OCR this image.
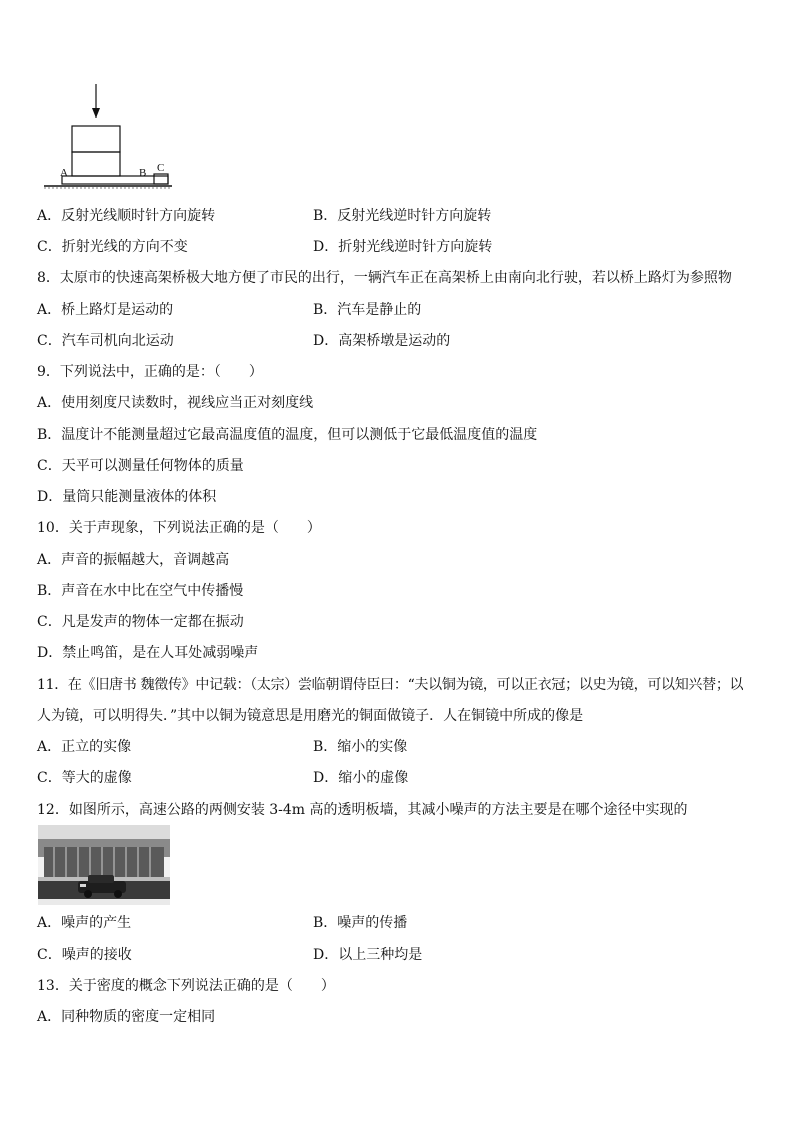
A	B C
A．反射光线顺时针方向旋转	B．反射光线逆时针方向旋转
C．折射光线的方向不变	D．折射光线逆时针方向旋转
8．太原市的快速高架桥极大地方便了市民的出行，一辆汽车正在高架桥上由南向北行驶，若以桥上路灯为参照物
A．桥上路灯是运动的	B．汽车是静止的
C．汽车司机向北运动	D．高架桥墩是运动的
9．下列说法中，正确的是：（　　）
A．使用刻度尺读数时，视线应当正对刻度线
B．温度计不能测量超过它最高温度值的温度，但可以测低于它最低温度值的温度
C．天平可以测量任何物体的质量
D．量筒只能测量液体的体积
10．关于声现象，下列说法正确的是（　　）
A．声音的振幅越大，音调越高
B．声音在水中比在空气中传播慢
C．凡是发声的物体一定都在振动
D．禁止鸣笛，是在人耳处减弱噪声
11．在《旧唐书 魏徵传》中记载：（太宗）尝临朝谓侍臣曰：“夫以铜为镜，可以正衣冠；以史为镜，可以知兴替；以
人为镜，可以明得失．”其中以铜为镜意思是用磨光的铜面做镜子．人在铜镜中所成的像是
A．正立的实像	B．缩小的实像
C．等大的虚像	D．缩小的虚像
12．如图所示，高速公路的两侧安装 3-4m 高的透明板墙，其减小噪声的方法主要是在哪个途径中实现的
A．噪声的产生	B．噪声的传播
C．噪声的接收	D．以上三种均是
13．关于密度的概念下列说法正确的是（　　）
A．同种物质的密度一定相同
